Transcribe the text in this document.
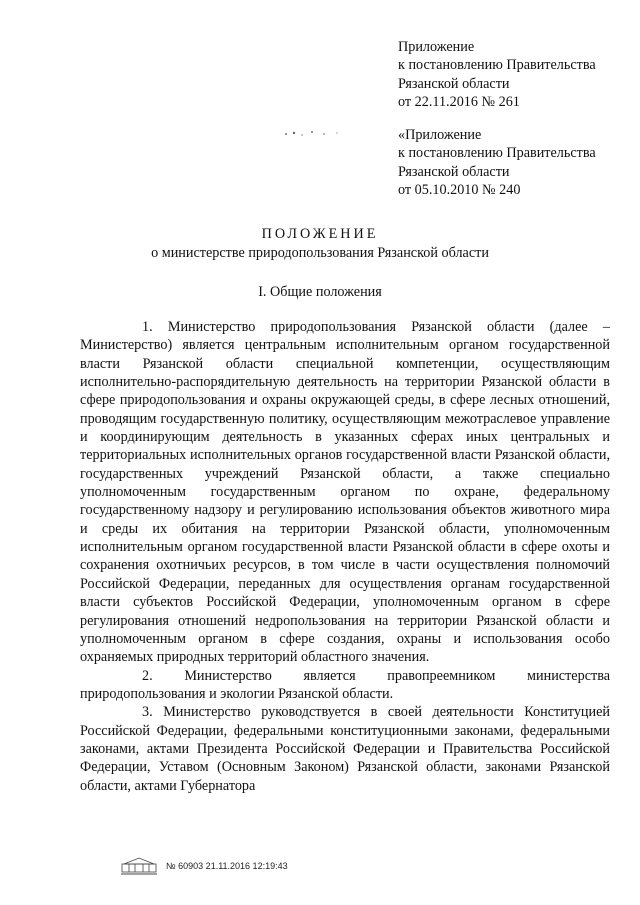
Приложение
к постановлению Правительства
Рязанской области
от 22.11.2016 № 261
«Приложение
к постановлению Правительства
Рязанской области
от 05.10.2010 № 240
ПОЛОЖЕНИЕ
о министерстве природопользования Рязанской области
I. Общие положения

1. Министерство природопользования Рязанской области (далее – Министерство) является центральным исполнительным органом государственной власти Рязанской области специальной компетенции, осуществляющим исполнительно-распорядительную деятельность на территории Рязанской области в сфере природопользования и охраны окружающей среды, в сфере лесных отношений, проводящим государственную политику, осуществляющим межотраслевое управление и координирующим деятельность в указанных сферах иных центральных и территориальных исполнительных органов государственной власти Рязанской области, государственных учреждений Рязанской области, а также специально уполномоченным государственным органом по охране, федеральному государственному надзору и регулированию использования объектов животного мира и среды их обитания на территории Рязанской области, уполномоченным исполнительным органом государственной власти Рязанской области в сфере охоты и сохранения охотничьих ресурсов, в том числе в части осуществления полномочий Российской Федерации, переданных для осуществления органам государственной власти субъектов Российской Федерации, уполномоченным органом в сфере регулирования отношений недропользования на территории Рязанской области и уполномоченным органом в сфере создания, охраны и использования особо охраняемых природных территорий областного значения.

2. Министерство является правопреемником министерства природопользования и экологии Рязанской области.

3. Министерство руководствуется в своей деятельности Конституцией Российской Федерации, федеральными конституционными законами, федеральными законами, актами Президента Российской Федерации и Правительства Российской Федерации, Уставом (Основным Законом) Рязанской области, законами Рязанской области, актами Губернатора

№ 60903 21.11.2016 12:19:43
